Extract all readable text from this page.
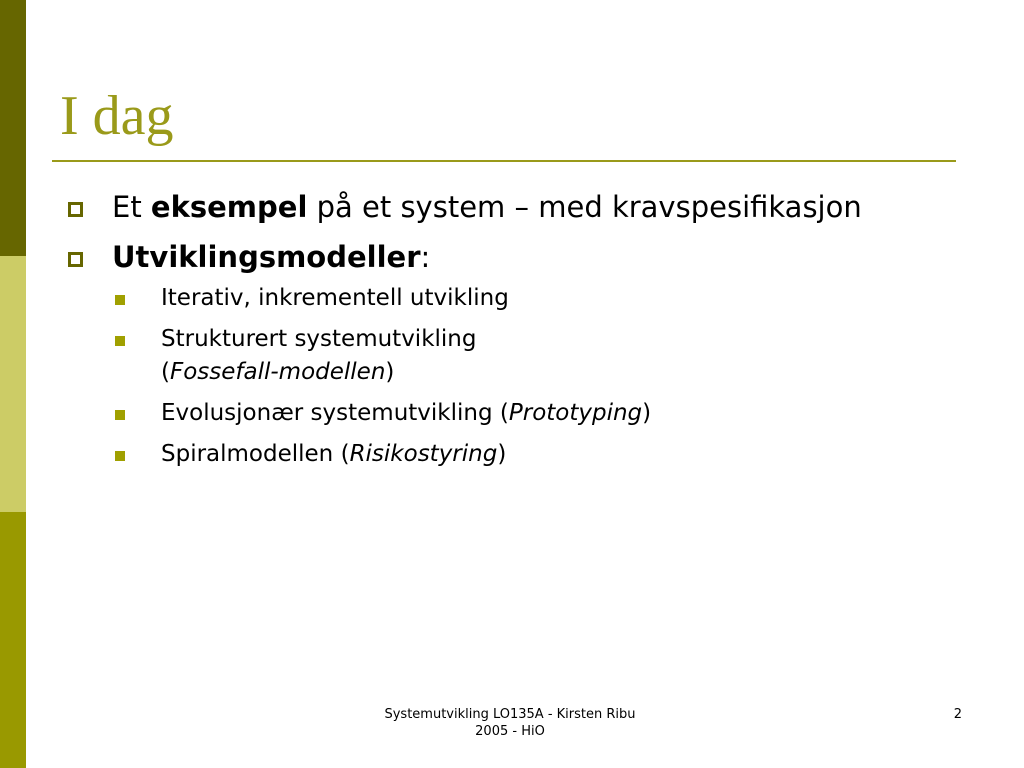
I dag
Et eksempel på et system – med kravspesifikasjon
Utviklingsmodeller:
Iterativ, inkrementell utvikling
Strukturert systemutvikling
(Fossefall-modellen)
Evolusjonær systemutvikling (Prototyping)
Spiralmodellen (Risikostyring)
Systemutvikling LO135A - Kirsten Ribu
2005 - HiO
2
